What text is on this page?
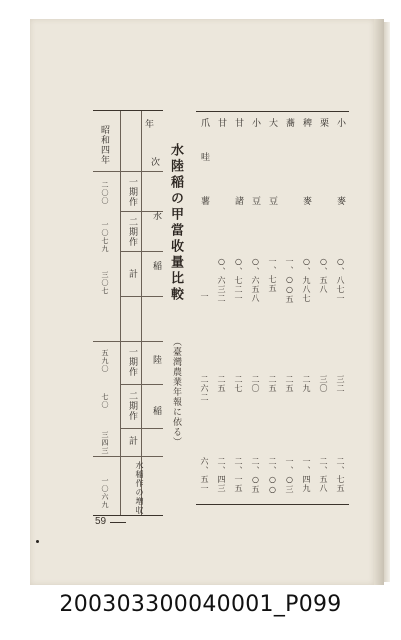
昭和四年
年
次
水
稲
陸
稲
一期作
二期作
計
一期作
二期作
計
水稲作の増収
二〇〇
一〇七九
三〇七
五九〇
七〇
三四三
一〇六九
水陸稲の甲當收量比較
（臺灣農業年報に依る）
小
麥
○、八七一
三二
二、七五
栗
○、五八
三〇
二、五八
稗
麥
○、九八七
二九
一、四九
蕎
一、○○五
二五
一、○三
大
豆
一、七五
二五
二、○○
小
豆
○、六五八
二〇
二、○五
甘
諸
○、七二一
二七
二、一五
甘
○、六三二
二五
二、四三
爪
哇
薯
一
二六二
六、五一
59
200303300040001_P099
